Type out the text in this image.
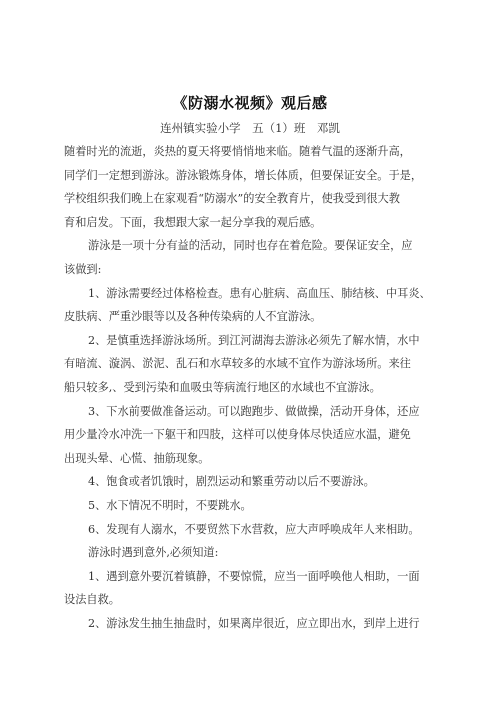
《防溺水视频》观后感
连州镇实验小学　五（1）班　邓凯
随着时光的流逝，炎热的夏天将要悄悄地来临。随着气温的逐渐升高，
同学们一定想到游泳。游泳锻炼身体，增长体质，但要保证安全。于是，
学校组织我们晚上在家观看“防溺水”的安全教育片，使我受到很大教
育和启发。下面，我想跟大家一起分享我的观后感。
游泳是一项十分有益的活动，同时也存在着危险。要保证安全，应
该做到:
1、游泳需要经过体格检查。患有心脏病、高血压、肺结核、中耳炎、
皮肤病、严重沙眼等以及各种传染病的人不宜游泳。
2、是慎重选择游泳场所。到江河湖海去游泳必须先了解水情，水中
有暗流、漩涡、淤泥、乱石和水草较多的水域不宜作为游泳场所。来往
船只较多,、受到污染和血吸虫等病流行地区的水域也不宜游泳。
3、下水前要做准备运动。可以跑跑步、做做操，活动开身体，还应
用少量冷水冲洗一下躯干和四肢，这样可以使身体尽快适应水温，避免
出现头晕、心慌、抽筋现象。
4、饱食或者饥饿时，剧烈运动和繁重劳动以后不要游泳。
5、水下情况不明时，不要跳水。
6、发现有人溺水，不要贸然下水营救，应大声呼唤成年人来相助。
游泳时遇到意外,必须知道:
1、遇到意外要沉着镇静，不要惊慌，应当一面呼唤他人相助，一面
设法自救。
2、游泳发生抽生抽盘时，如果离岸很近，应立即出水，到岸上进行
